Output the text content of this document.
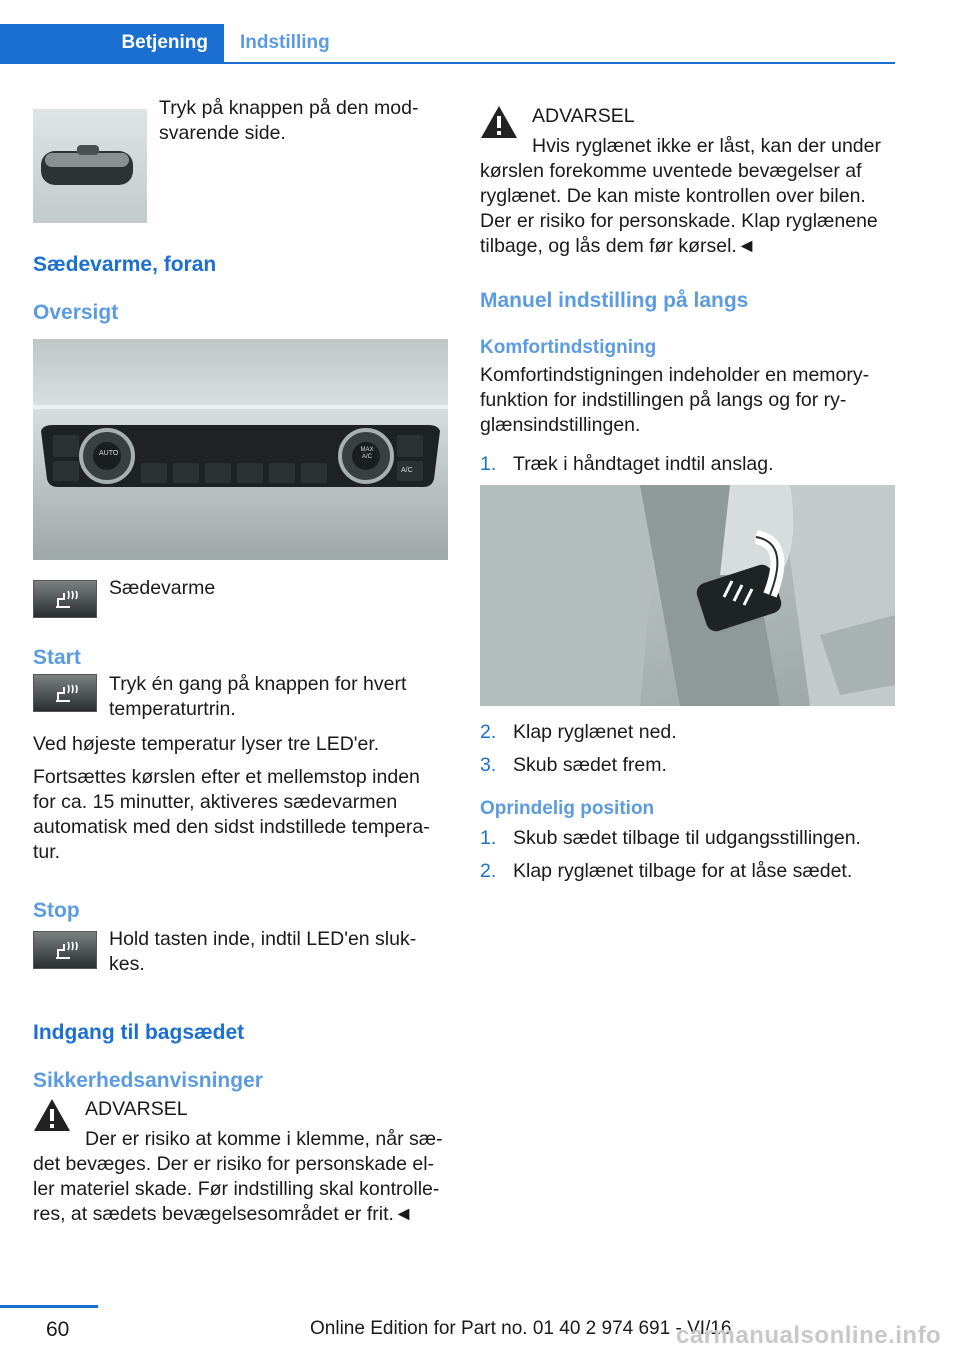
Betjening	Indstilling

Tryk på knappen på den mod-svarende side.

Sædevarme, foran
Oversigt
AUTO	MAX A/C
A/C

Sædevarme

Start

Tryk én gang på knappen for hvert temperaturtrin.

Ved højeste temperatur lyser tre LED'er.

Fortsættes kørslen efter et mellemstop inden for ca. 15 minutter, aktiveres sædevarmen automatisk med den sidst indstillede tempera-tur.

Stop

Hold tasten inde, indtil LED'en sluk-kes.

Indgang til bagsædet
Sikkerhedsanvisninger

ADVARSEL

Der er risiko at komme i klemme, når sæ-det bevæges. Der er risiko for personskade el-ler materiel skade. Før indstilling skal kontrolle-res, at sædets bevægelsesområdet er frit.◄

ADVARSEL

Hvis ryglænet ikke er låst, kan der under kørslen forekomme uventede bevægelser af ryglænet. De kan miste kontrollen over bilen. Der er risiko for personskade. Klap ryglænene tilbage, og lås dem før kørsel.◄

Manuel indstilling på langs
Komfortindstigning

Komfortindstigningen indeholder en memory-funktion for indstillingen på langs og for ry-glænsindstillingen.

1. Træk i håndtaget indtil anslag.
2. Klap ryglænet ned.
3. Skub sædet frem.
Oprindelig position
1. Skub sædet tilbage til udgangsstillingen.
2. Klap ryglænet tilbage for at låse sædet.
60	Online Edition for Part no. 01 40 2 974 691 - VI/16
carmanualsonline.info
